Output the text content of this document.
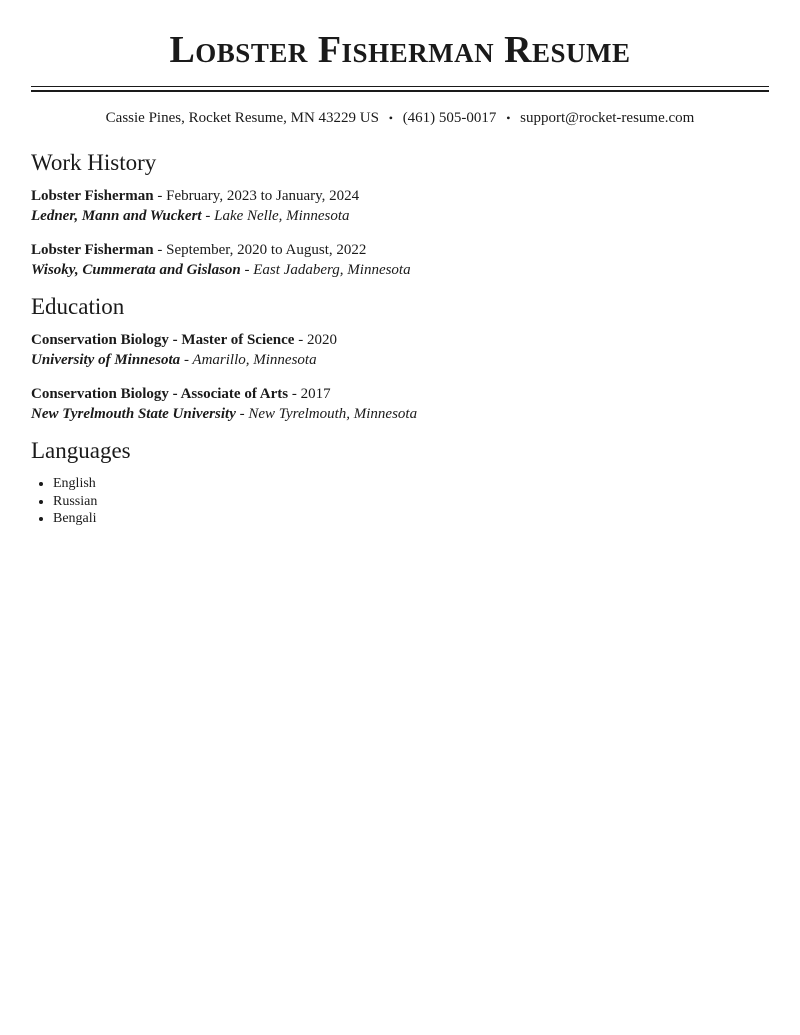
Lobster Fisherman Resume
Cassie Pines, Rocket Resume, MN 43229 US • (461) 505-0017 • support@rocket-resume.com
Work History
Lobster Fisherman - February, 2023 to January, 2024
Ledner, Mann and Wuckert - Lake Nelle, Minnesota
Lobster Fisherman - September, 2020 to August, 2022
Wisoky, Cummerata and Gislason - East Jadaberg, Minnesota
Education
Conservation Biology - Master of Science - 2020
University of Minnesota - Amarillo, Minnesota
Conservation Biology - Associate of Arts - 2017
New Tyrelmouth State University - New Tyrelmouth, Minnesota
Languages
• English
• Russian
• Bengali
